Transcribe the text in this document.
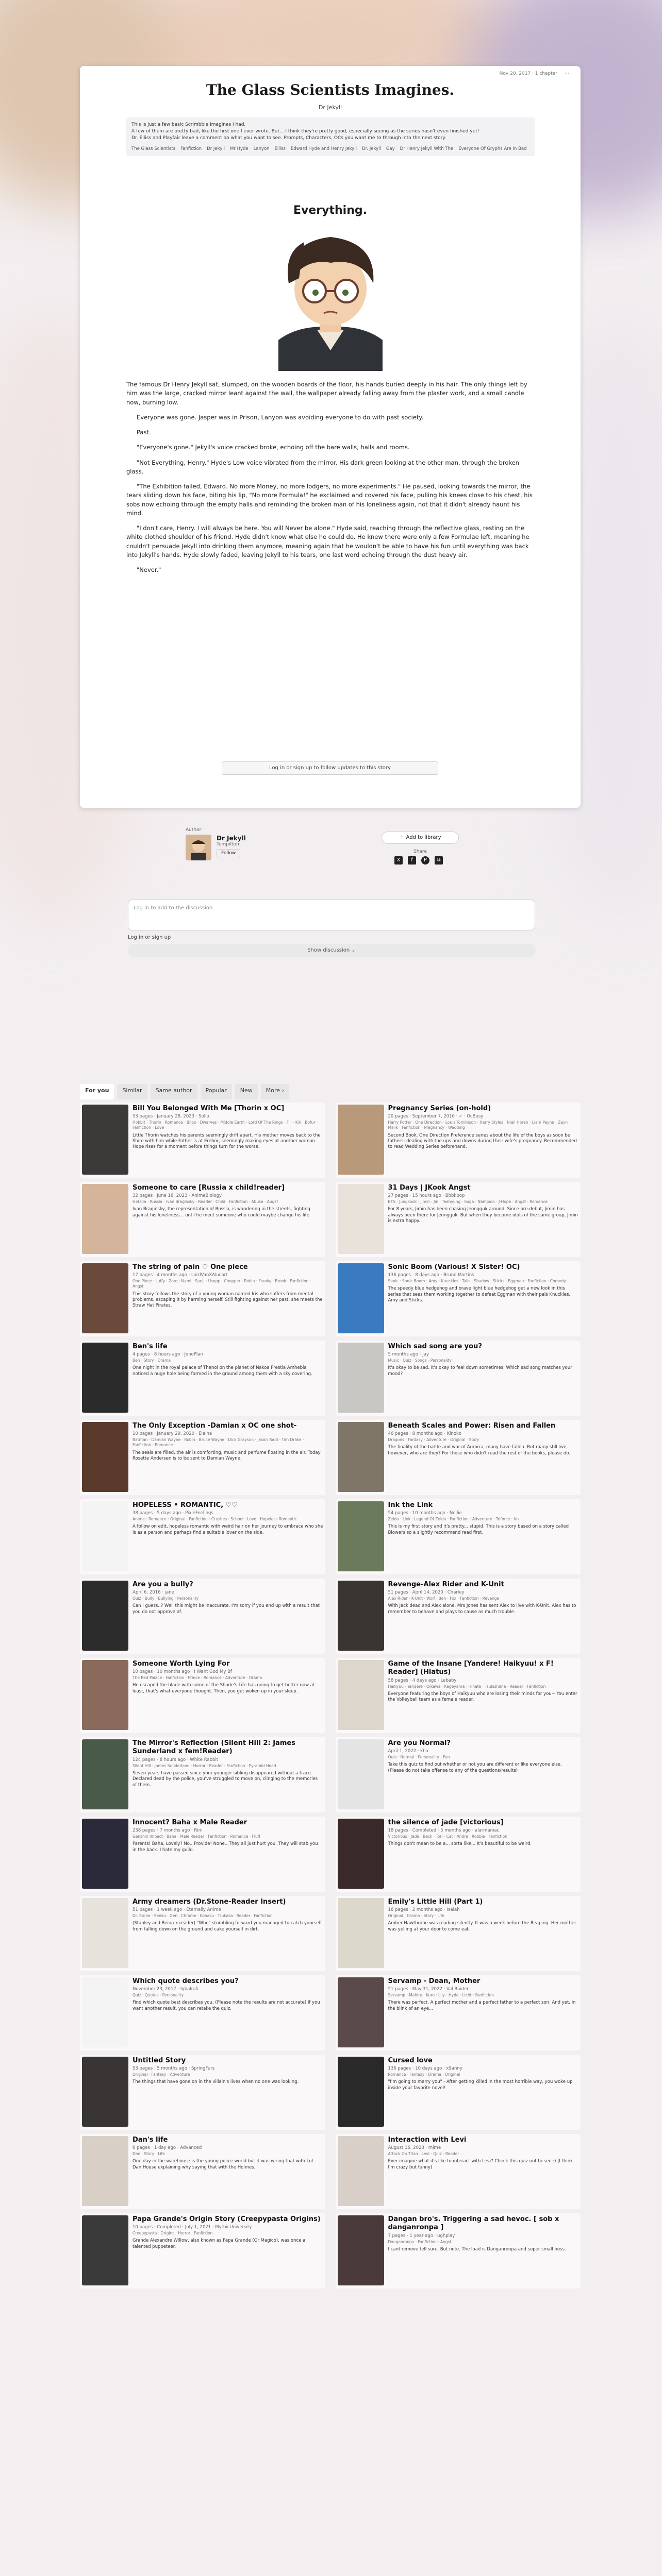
Nov 20, 2017 · 1 chapter ⋯
The Glass Scientists Imagines.
Dr Jekyll
This is just a few basic Scrimbble Imagines I had.
A few of them are pretty bad, like the first one I ever wrote. But... I think they're pretty good, especially seeing as the series hasn't even finished yet!
Dr. Elliss and Playfair leave a comment on what you want to see. Prompts, Characters, OCs you want me to through into the next story.
The Glass Scientists Fanfiction Dr Jekyll Mr Hyde Lanyon Elliss Edward Hyde and Henry Jekyll Dr. Jekyll Gay Dr Henry Jekyll With The Everyone Of Gryphs Are In Bad
Everything.

The famous Dr Henry Jekyll sat, slumped, on the wooden boards of the floor, his hands buried deeply in his hair. The only things left by him was the large, cracked mirror leant against the wall, the wallpaper already falling away from the plaster work, and a small candle now, burning low.

Everyone was gone. Jasper was in Prison, Lanyon was avoiding everyone to do with past society.

Past.

"Everyone's gone." Jekyll's voice cracked broke, echoing off the bare walls, halls and rooms.

"Not Everything, Henry." Hyde's Low voice vibrated from the mirror. His dark green looking at the other man, through the broken glass.

"The Exhibition failed, Edward. No more Money, no more lodgers, no more experiments." He paused, looking towards the mirror, the tears sliding down his face, biting his lip, "No more Formula!" he exclaimed and covered his face, pulling his knees close to his chest, his sobs now echoing through the empty halls and reminding the broken man of his loneliness again, not that it didn't already haunt his mind.

"I don't care, Henry. I will always be here. You will Never be alone." Hyde said, reaching through the reflective glass, resting on the white clothed shoulder of his friend. Hyde didn't know what else he could do. He knew there were only a few Formulae left, meaning he couldn't persuade Jekyll into drinking them anymore, meaning again that he wouldn't be able to have his fun until everything was back into Jekyll's hands. Hyde slowly faded, leaving Jekyll to his tears, one last word echoing through the dust heavy air.

"Never."

Log in or sign up to follow updates to this story
Author
Dr Jekyll
Tempiltom
Follow
＋ Add to library
Share
X	f	P	⧉
Log in to add to the discussion
Log in or sign up
Show discussion ⌄
For you	Similar	Same author	Popular	New	More ›
Bill You Belonged With Me [Thorin x OC]
53 pages · January 28, 2023 · Sollo
Hobbit · Thorin · Romance · Bilbo · Dwarves · Middle Earth · Lord Of The Rings · Fili · Kili · Bofur · Fanfiction · Love
Little Thorin watches his parents seemingly drift apart. His mother moves back to the Shire with him while Father is at Erebor, seemingly making eyes at another woman. Hope rises for a moment before things turn for the worse.
Pregnancy Series (on-hold)
20 pages · September 7, 2016 · ✓ · OcBusy
Harry Potter · One Direction · Louis Tomlinson · Harry Styles · Niall Horan · Liam Payne · Zayn Malik · Fanfiction · Pregnancy · Wedding
Second Book, One Direction Preference series about the life of the boys as soon be fathers: dealing with the ups and downs during their wife's pregnancy. Recommended to read Wedding Series beforehand.
Someone to care [Russia x child!reader]
32 pages · June 16, 2023 · AnimeBiology
Hetalia · Russia · Ivan Braginsky · Reader · Child · Fanfiction · Abuse · Angst
Ivan Braginsky, the representation of Russia, is wandering in the streets, fighting against his loneliness... until he meet someone who could maybe change his life.
31 Days | JKook Angst
27 pages · 15 hours ago · Bbbkpop
BTS · Jungkook · Jimin · Jin · Taehyung · Suga · Namjoon · J-Hope · Angst · Romance
For 8 years, Jimin has been chasing Jeongguk around. Since pre-debut, Jimin has always been there for Jeongguk. But when they become idols of the same group, Jimin is extra happy.
The string of pain ♡ One piece
17 pages · 4 months ago · LordVanXAlucart
One Piece · Luffy · Zoro · Nami · Sanji · Usopp · Chopper · Robin · Franky · Brook · Fanfiction · Angst
This story follows the story of a young woman named Iris who suffers from mental problems, escaping it by harming herself. Still fighting against her past, she meets the Straw Hat Pirates.
Sonic Boom (Various! X Sister! OC)
136 pages · 8 days ago · Bruno Martins
Sonic · Sonic Boom · Amy · Knuckles · Tails · Shadow · Sticks · Eggman · Fanfiction · Comedy
The speedy blue hedgehog and brave light blue hedgehog get a new look in this series that sees them working together to defeat Eggman with their pals Knuckles, Amy and Sticks.
Ben's life
4 pages · 8 hours ago · JonoPlan
Ben · Story · Drama
One night in the royal palace of Thenol on the planet of Nakoa Prestia Amhebia noticed a huge hole being formed in the ground among them with a sky covering.
Which sad song are you?
5 months ago · Jay
Music · Quiz · Songs · Personality
It's okay to be sad. It's okay to feel down sometimes. Which sad song matches your mood?
The Only Exception -Damian x OC one shot-
10 pages · January 29, 2020 · Elaina
Batman · Damian Wayne · Robin · Bruce Wayne · Dick Grayson · Jason Todd · Tim Drake · Fanfiction · Romance
The seals are filled, the air is comforting, music and perfume floating in the air. Today Rosette Andersen is to be sent to Damian Wayne.
Beneath Scales and Power: Risen and Fallen
46 pages · 8 months ago · Kinoko
Dragons · Fantasy · Adventure · Original · Story
The finality of the battle and war of Aurorra, many have fallen. But many still live, however, who are they? For those who didn't read the rest of the books, please do.
HOPELESS • ROMANTIC, ♡♡
38 pages · 5 days ago · PixieFeelings
Anime · Romance · Original · Fanfiction · Crushes · School · Love · Hopeless Romantic
A follow on edit, hopeless romantic with weird hair on her journey to embrace who she is as a person and perhaps find a suitable lover on the side.
Ink the Link
54 pages · 10 months ago · Nellie
Zelda · Link · Legend Of Zelda · Fanfiction · Adventure · Triforce · Ink
This is my first story and it's pretty... stupid. This is a story based on a story called Blowers so a slightly recommend read first.
Are you a bully?
April 6, 2016 · jane
Quiz · Bully · Bullying · Personality
Can I guess..? Well this might be inaccurate. I'm sorry if you end up with a result that you do not approve of.
Revenge-Alex Rider and K-Unit
51 pages · April 14, 2020 · Charley
Alex Rider · K-Unit · Wolf · Ben · Fox · Fanfiction · Revenge
With Jack dead and Alex alone, Mrs Jones has sent Alex to live with K-Unit. Alex has to remember to behave and plays to cause as much trouble.
Someone Worth Lying For
10 pages · 10 months ago · I Want God My Bf
The Red Palace · Fanfiction · Prince · Romance · Adventure · Drama
He escaped the blade with some of the Shade's Life has going to get better now at least, that's what everyone thought. Then, you get woken up in your sleep.
Game of the Insane [Yandere! Haikyuu! x F! Reader] (Hiatus)
58 pages · 4 days ago · Lebaby
Haikyuu · Yandere · Oikawa · Kageyama · Hinata · Tsukishima · Reader · Fanfiction
Everyone featuring the boys of Haikyuu who are losing their minds for you~ You enter the Volleyball team as a female reader.
The Mirror's Reflection (Silent Hill 2: James Sunderland x fem!Reader)
124 pages · 8 hours ago · White Rabbit
Silent Hill · James Sunderland · Horror · Reader · Fanfiction · Pyramid Head
Seven years have passed since your younger sibling disappeared without a trace. Declared dead by the police, you've struggled to move on, clinging to the memories of them.
Are you Normal?
April 1, 2022 · kha
Quiz · Normal · Personality · Fun
Take this quiz to find out whether or not you are different or like everyone else. (Please do not take offense to any of the questions/results)
Innocent? Baha x Male Reader
238 pages · 7 months ago · Rini
Genshin Impact · Baha · Male Reader · Fanfiction · Romance · Fluff
Parents! Baha, Lovely? No...Provide! None.. They all just hurt you. They will stab you in the back. I hate my guild.
the silence of jade [victorious]
18 pages · Completed · 5 months ago · alarmaniac
Victorious · Jade · Beck · Tori · Cat · Andre · Robbie · Fanfiction
Things don't mean to be a... sorta like... It's beautiful to be weird.
Army dreamers (Dr.Stone-Reader Insert)
51 pages · 1 week ago · Eternally Anime
Dr. Stone · Senku · Gen · Chrome · Kohaku · Tsukasa · Reader · Fanfiction
(Stanley and Reina x reader) "Who" stumbling forward you managed to catch yourself from falling down on the ground and cake yourself in dirt.
Emily's Little Hill (Part 1)
16 pages · 2 months ago · Isaiah
Original · Drama · Story · Life
Amber Hawthorne was reading silently. It was a week before the Reaping. Her mother was yelling at your door to come eat.
Which quote describes you?
November 23, 2017 · Iqbalrafi
Quiz · Quotes · Personality
Find which quote best describes you. (Please note the results are not accurate) If you want another result, you can retake the quiz.
Servamp - Dean, Mother
51 pages · May 31, 2022 · Val Raider
Servamp · Mahiru · Kuro · Lily · Hyde · Licht · Fanfiction
There was perfect. A perfect mother and a perfect father to a perfect son. And yet, in the blink of an eye...
Untitled Story
53 pages · 5 months ago · SpringFurs
Original · Fantasy · Adventure
The things that have gone on in the villain's lives when no one was looking.
Cursed love
136 pages · 10 days ago · x9anny
Romance · Fantasy · Drama · Original
"I'm going to marry you" - After getting killed in the most horrible way, you woke up inside your favorite novel!
Dan's life
6 pages · 1 day ago · Advanced
Dan · Story · Life
One day in the warehouse is the young police world but it was wiring that with Luf Dan House explaining why saying that with the Holmes.
Interaction with Levi
August 16, 2023 · mime
Attack On Titan · Levi · Quiz · Reader
Ever imagine what it's like to interact with Levi? Check this quiz out to see :) (I think I'm crazy but funny)
Papa Grande's Origin Story (Creepypasta Origins)
10 pages · Completed · July 1, 2021 · MythicUniversity
Creepypasta · Origins · Horror · Fanfiction
Grande Alexandre Willow, also known as Papa Grande (Or Magico), was once a talented puppeteer.
Dangan bro's. Triggering a sad hevoc. [ sob x danganronpa ]
7 pages · 1 year ago · ughplay
Danganronpa · Fanfiction · Angst
I cant remove tell sure. But note. The load is Danganronpa and super small boss.
